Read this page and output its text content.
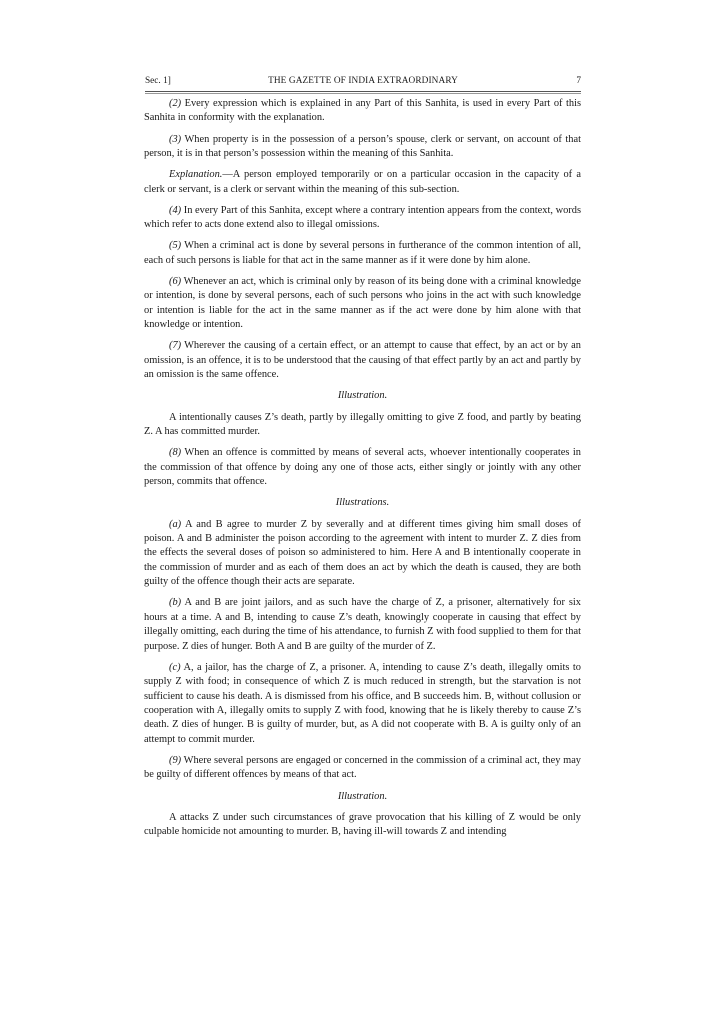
Sec. 1]	THE GAZETTE OF INDIA EXTRAORDINARY	7

(2) Every expression which is explained in any Part of this Sanhita, is used in every Part of this Sanhita in conformity with the explanation.

(3) When property is in the possession of a person’s spouse, clerk or servant, on account of that person, it is in that person’s possession within the meaning of this Sanhita.

Explanation.—A person employed temporarily or on a particular occasion in the capacity of a clerk or servant, is a clerk or servant within the meaning of this sub-section.

(4) In every Part of this Sanhita, except where a contrary intention appears from the context, words which refer to acts done extend also to illegal omissions.

(5) When a criminal act is done by several persons in furtherance of the common intention of all, each of such persons is liable for that act in the same manner as if it were done by him alone.

(6) Whenever an act, which is criminal only by reason of its being done with a criminal knowledge or intention, is done by several persons, each of such persons who joins in the act with such knowledge or intention is liable for the act in the same manner as if the act were done by him alone with that knowledge or intention.

(7) Wherever the causing of a certain effect, or an attempt to cause that effect, by an act or by an omission, is an offence, it is to be understood that the causing of that effect partly by an act and partly by an omission is the same offence.

Illustration.

A intentionally causes Z’s death, partly by illegally omitting to give Z food, and partly by beating Z. A has committed murder.

(8) When an offence is committed by means of several acts, whoever intentionally cooperates in the commission of that offence by doing any one of those acts, either singly or jointly with any other person, commits that offence.

Illustrations.

(a) A and B agree to murder Z by severally and at different times giving him small doses of poison. A and B administer the poison according to the agreement with intent to murder Z. Z dies from the effects the several doses of poison so administered to him. Here A and B intentionally cooperate in the commission of murder and as each of them does an act by which the death is caused, they are both guilty of the offence though their acts are separate.

(b) A and B are joint jailors, and as such have the charge of Z, a prisoner, alternatively for six hours at a time. A and B, intending to cause Z’s death, knowingly cooperate in causing that effect by illegally omitting, each during the time of his attendance, to furnish Z with food supplied to them for that purpose. Z dies of hunger. Both A and B are guilty of the murder of Z.

(c) A, a jailor, has the charge of Z, a prisoner. A, intending to cause Z’s death, illegally omits to supply Z with food; in consequence of which Z is much reduced in strength, but the starvation is not sufficient to cause his death. A is dismissed from his office, and B succeeds him. B, without collusion or cooperation with A, illegally omits to supply Z with food, knowing that he is likely thereby to cause Z’s death. Z dies of hunger. B is guilty of murder, but, as A did not cooperate with B. A is guilty only of an attempt to commit murder.

(9) Where several persons are engaged or concerned in the commission of a criminal act, they may be guilty of different offences by means of that act.

Illustration.

A attacks Z under such circumstances of grave provocation that his killing of Z would be only culpable homicide not amounting to murder. B, having ill-will towards Z and intending
